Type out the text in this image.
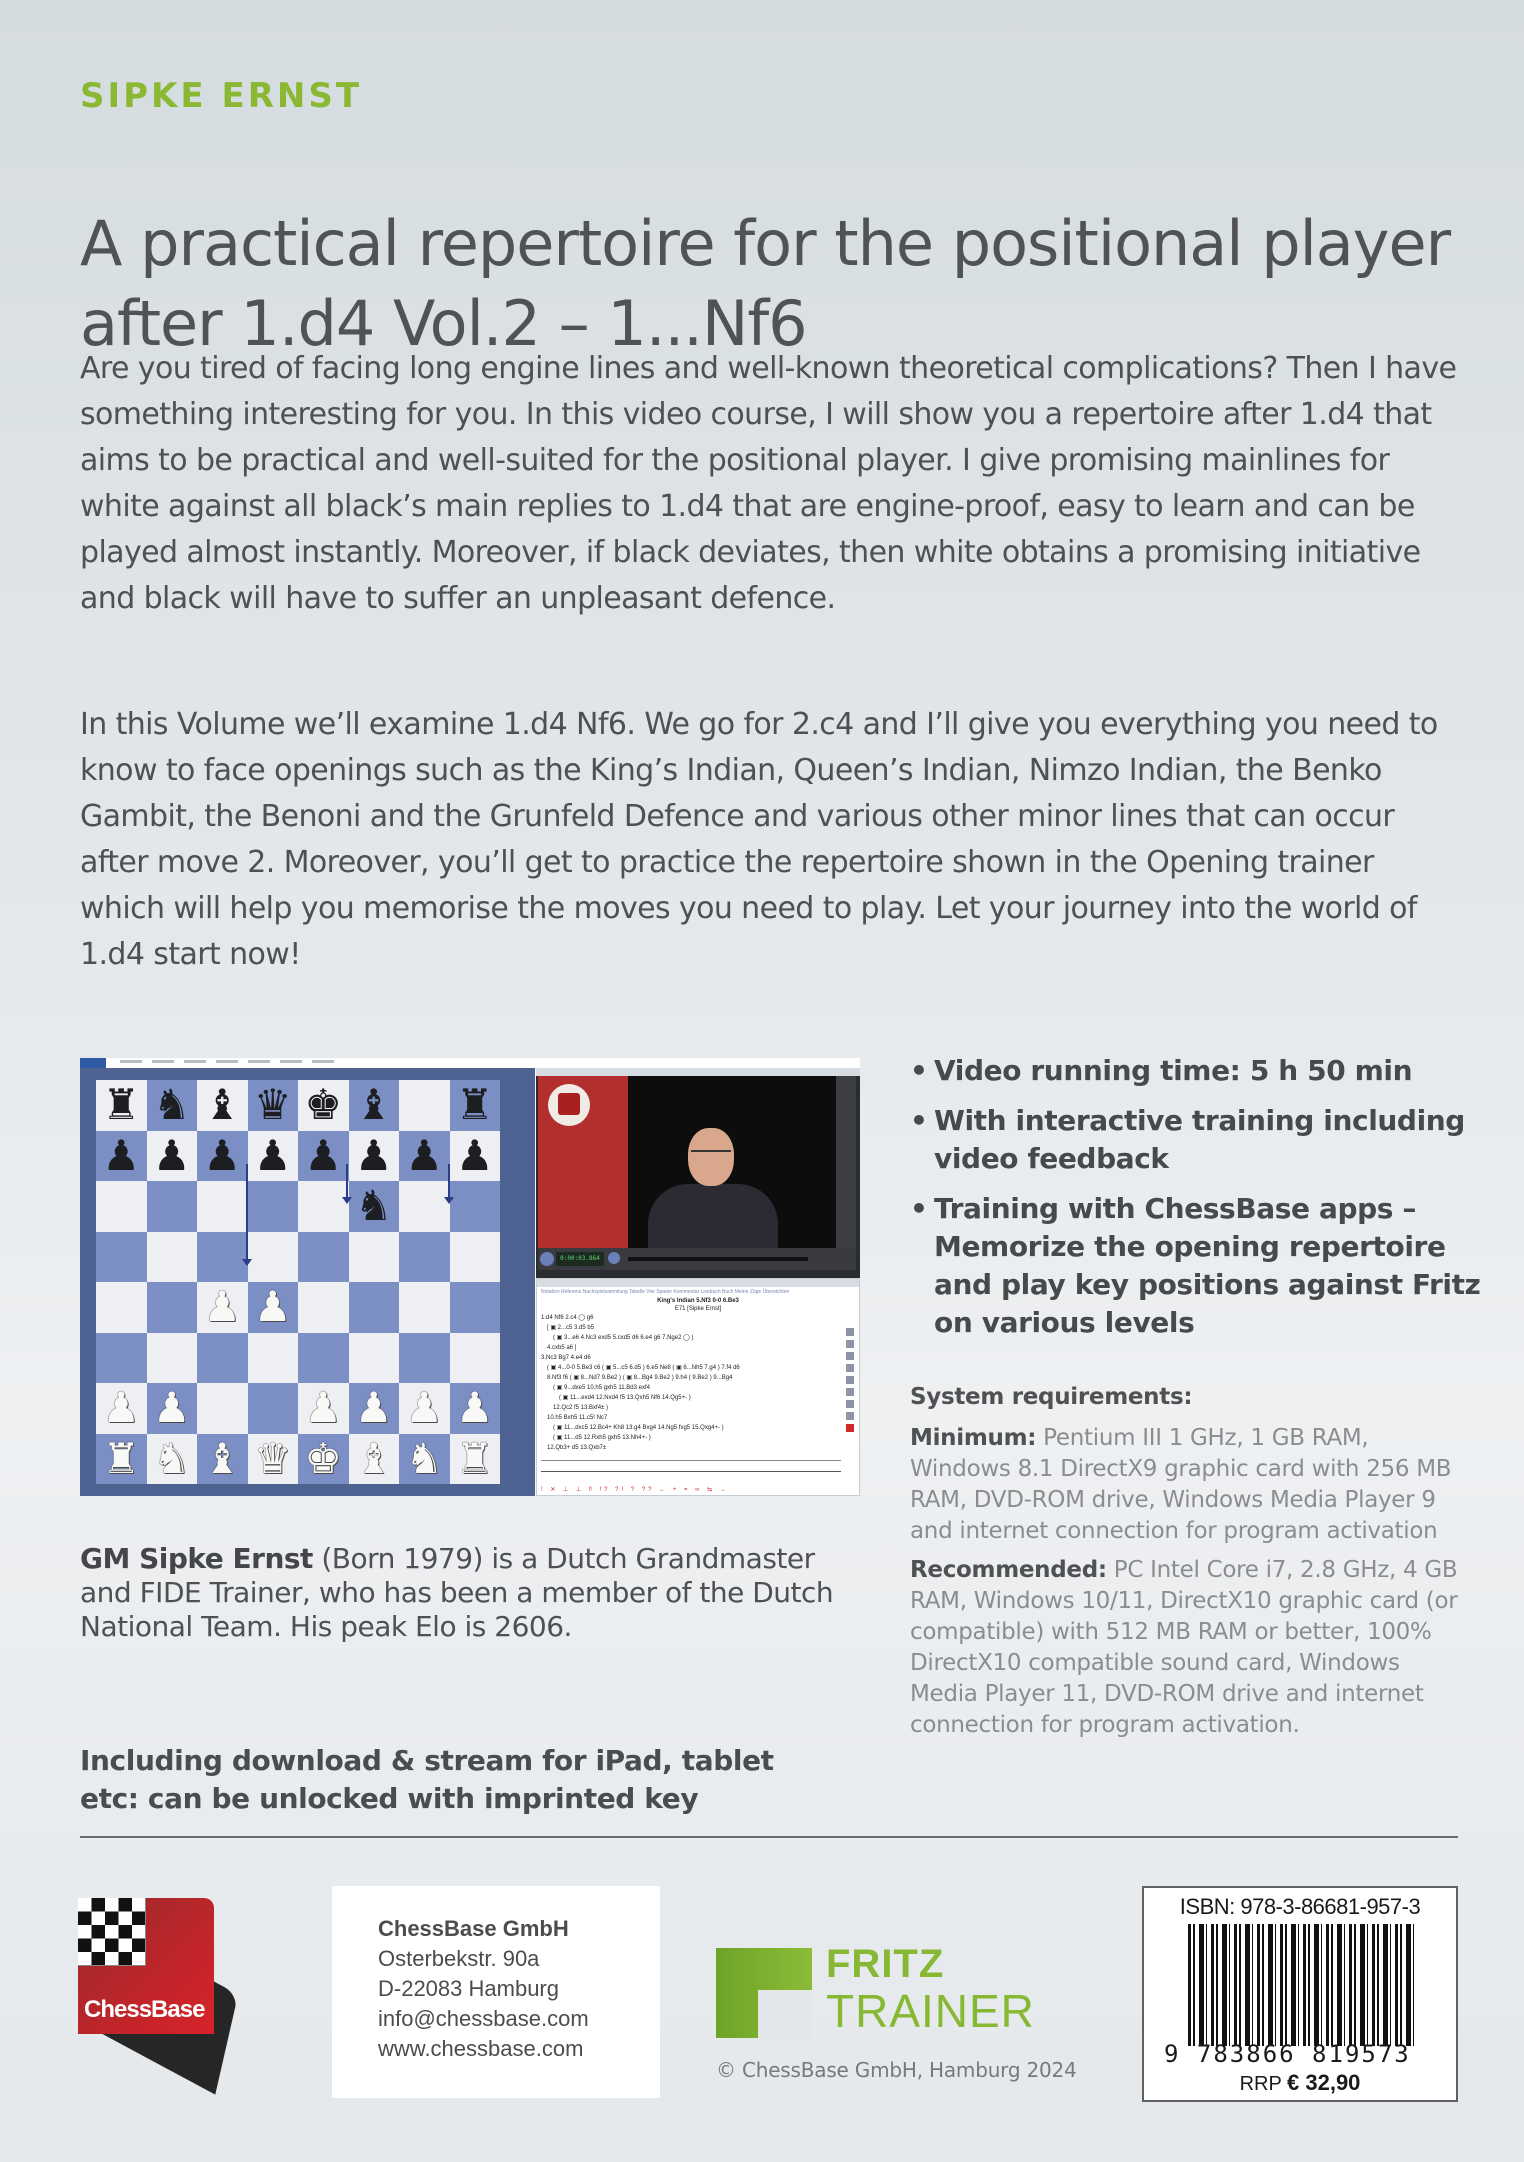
SIPKE ERNST
A practical repertoire for the positional player after 1.d4 Vol.2 – 1...Nf6
Are you tired of facing long engine lines and well-known theoretical complications? Then I have something interesting for you. In this video course, I will show you a repertoire after 1.d4 that aims to be practical and well-suited for the positional player. I give promising mainlines for white against all black’s main replies to 1.d4 that are engine-proof, easy to learn and can be played almost instantly. Moreover, if black deviates, then white obtains a promising initiative and black will have to suffer an unpleasant defence.
In this Volume we’ll examine 1.d4 Nf6. We go for 2.c4 and I’ll give you everything you need to know to face openings such as the King’s Indian, Queen’s Indian, Nimzo Indian, the Benko Gambit, the Benoni and the Grunfeld Defence and various other minor lines that can occur after move 2. Moreover, you’ll get to practice the repertoire shown in the Opening trainer which will help you memorise the moves you need to play. Let your journey into the world of 1.d4 start now!
♜ ♞ ♝ ♛ ♚ ♝ ♜
♟ ♟ ♟ ♟ ♟ ♟ ♟ ♟
♞
♟ ♟
♟ ♟	♟ ♟ ♟ ♟
♜ ♞ ♝ ♛ ♚ ♝ ♞ ♜
0:00:03.864
Notation Referenz Nachspielsammlung Tabelle Vier Spieler Kommentar Livebuch Buch Meine Züge Übersichten
King's Indian 5.Nf3 0-0 6.Be3
E71 [Sipke Ernst]
1.d4 Nf6 2.c4 ◯ g6
[ ▣ 2...c5 3.d5 b5
( ▣ 3...e6 4.Nc3 exd5 5.cxd5 d6 6.e4 g6 7.Nge2 ◯ )
4.cxb5 a6 ]
3.Nc3 Bg7 4.e4 d6
( ▣ 4...0-0 5.Be3 c6 ( ▣ 5...c5 6.d5 ) 6.e5 Ne8 ( ▣ 6...Nh5 7.g4 ) 7.f4 d6
8.Nf3 f6 ( ▣ 8...Nd7 9.Be2 ) ( ▣ 8...Bg4 9.Be2 ) 9.h4 ( 9.Be2 ) 9...Bg4
( ▣ 9...dxe5 10.h5 gxh5 11.Bd3 exf4
( ▣ 11...exd4 12.Nxd4 f5 13.Qxh5 Nf6 14.Qg5+- )
12.Qc2 f5 13.Bxf4± )
10.h5 Bxh5 11.c5! Nc7
( ▣ 11...dxc5 12.Bc4+ Kh8 13.g4 Bxg4 14.Ng5 fxg5 15.Qxg4+- )
( ▣ 11...d5 12.Rxh5 gxh5 13.Nh4+- )
12.Qb3+ d5 13.Qxb7±
! ✕ ⊥ ⊥ ‼ !? ?! ? ?? ← + = ∞ ⇆ →
• Video running time: 5 h 50 min
• With interactive training including video feedback
• Training with ChessBase apps – Memorize the opening repertoire and play key positions against Fritz on various levels
System requirements:
Minimum: Pentium III 1 GHz, 1 GB RAM, Windows 8.1 DirectX9 graphic card with 256 MB RAM, DVD-ROM drive, Windows Media Player 9 and internet connection for program activation
Recommended: PC Intel Core i7, 2.8 GHz, 4 GB RAM, Windows 10/11, DirectX10 graphic card (or compatible) with 512 MB RAM or better, 100% DirectX10 compatible sound card, Windows Media Player 11, DVD-ROM drive and internet connection for program activation.
GM Sipke Ernst (Born 1979) is a Dutch Grandmaster and FIDE Trainer, who has been a member of the Dutch National Team. His peak Elo is 2606.
Including download & stream for iPad, tablet etc: can be unlocked with imprinted key
ChessBase
ChessBase GmbH
Osterbekstr. 90a
D-22083 Hamburg
info@chessbase.com
www.chessbase.com
FRITZ
TRAINER
© ChessBase GmbH, Hamburg 2024
ISBN: 978-3-86681-957-3
9 783866 819573
RRP € 32,90
